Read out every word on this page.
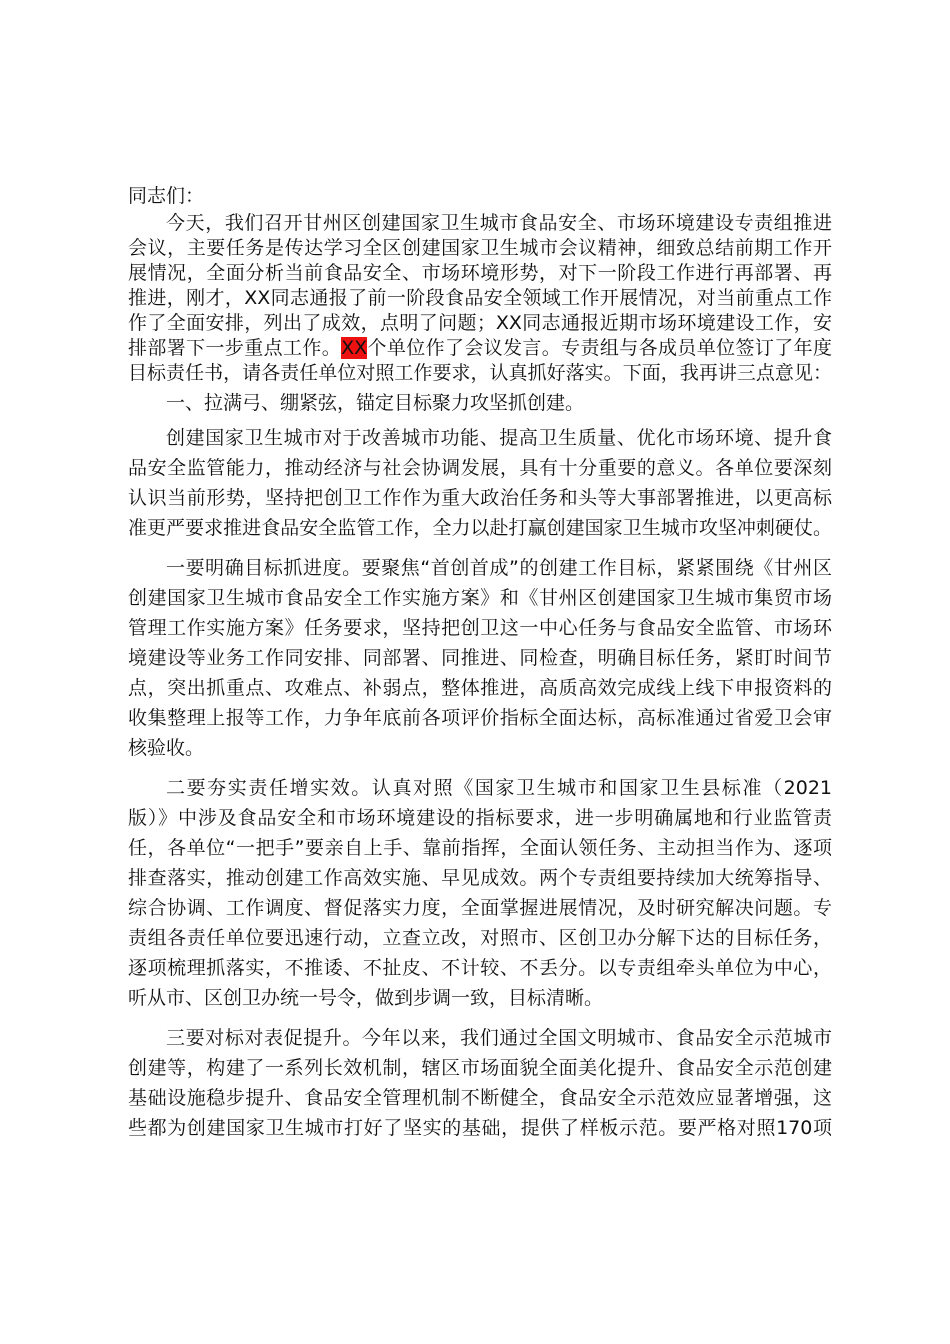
同志们：
今天，我们召开甘州区创建国家卫生城市食品安全、市场环境建设专责组推进
会议，主要任务是传达学习全区创建国家卫生城市会议精神，细致总结前期工作开
展情况，全面分析当前食品安全、市场环境形势，对下一阶段工作进行再部署、再
推进，刚才，XX同志通报了前一阶段食品安全领域工作开展情况，对当前重点工作
作了全面安排，列出了成效，点明了问题；XX同志通报近期市场环境建设工作，安
排部署下一步重点工作。XX个单位作了会议发言。专责组与各成员单位签订了年度
目标责任书，请各责任单位对照工作要求，认真抓好落实。下面，我再讲三点意见：
一、拉满弓、绷紧弦，锚定目标聚力攻坚抓创建。
创建国家卫生城市对于改善城市功能、提高卫生质量、优化市场环境、提升食
品安全监管能力，推动经济与社会协调发展，具有十分重要的意义。各单位要深刻
认识当前形势，坚持把创卫工作作为重大政治任务和头等大事部署推进，以更高标
准更严要求推进食品安全监管工作，全力以赴打赢创建国家卫生城市攻坚冲刺硬仗。
一要明确目标抓进度。要聚焦“首创首成”的创建工作目标，紧紧围绕《甘州区
创建国家卫生城市食品安全工作实施方案》和《甘州区创建国家卫生城市集贸市场
管理工作实施方案》任务要求，坚持把创卫这一中心任务与食品安全监管、市场环
境建设等业务工作同安排、同部署、同推进、同检查，明确目标任务，紧盯时间节
点，突出抓重点、攻难点、补弱点，整体推进，高质高效完成线上线下申报资料的
收集整理上报等工作，力争年底前各项评价指标全面达标，高标准通过省爱卫会审
核验收。
二要夯实责任增实效。认真对照《国家卫生城市和国家卫生县标准（2021
版）》中涉及食品安全和市场环境建设的指标要求，进一步明确属地和行业监管责
任，各单位“一把手”要亲自上手、靠前指挥，全面认领任务、主动担当作为、逐项
排查落实，推动创建工作高效实施、早见成效。两个专责组要持续加大统筹指导、
综合协调、工作调度、督促落实力度，全面掌握进展情况，及时研究解决问题。专
责组各责任单位要迅速行动，立查立改，对照市、区创卫办分解下达的目标任务，
逐项梳理抓落实，不推诿、不扯皮、不计较、不丢分。以专责组牵头单位为中心，
听从市、区创卫办统一号令，做到步调一致，目标清晰。
三要对标对表促提升。今年以来，我们通过全国文明城市、食品安全示范城市
创建等，构建了一系列长效机制，辖区市场面貌全面美化提升、食品安全示范创建
基础设施稳步提升、食品安全管理机制不断健全，食品安全示范效应显著增强，这
些都为创建国家卫生城市打好了坚实的基础，提供了样板示范。要严格对照170项
